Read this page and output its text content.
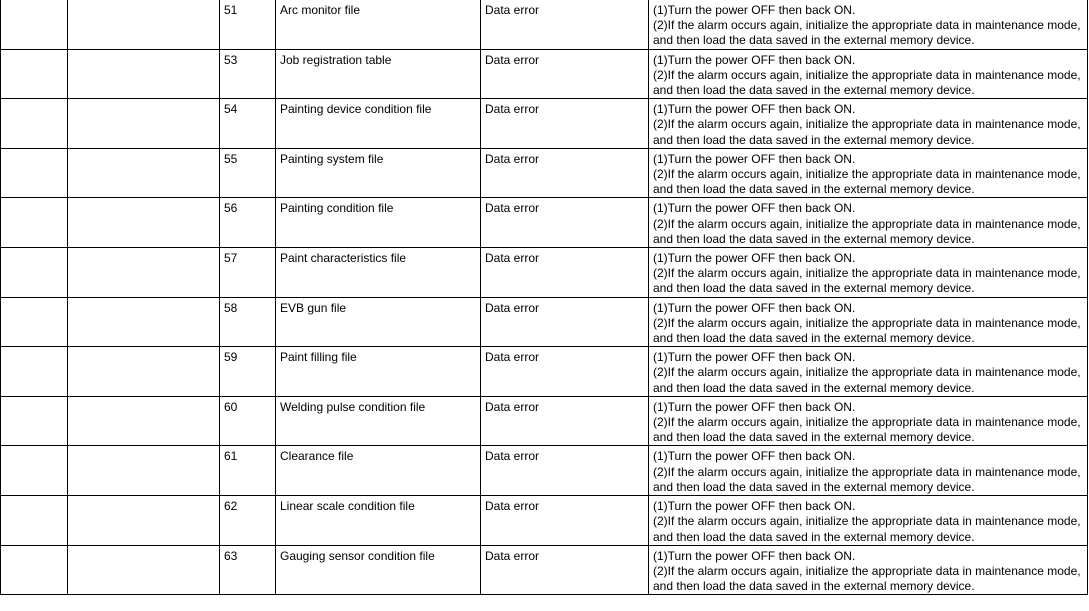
		51	Arc monitor file	Data error	(1)Turn the power OFF then back ON.
(2)If the alarm occurs again, initialize the appropriate data in maintenance mode, and then load the data saved in the external memory device.

		53	Job registration table	Data error	(1)Turn the power OFF then back ON.
(2)If the alarm occurs again, initialize the appropriate data in maintenance mode, and then load the data saved in the external memory device.

		54	Painting device condition file	Data error	(1)Turn the power OFF then back ON.
(2)If the alarm occurs again, initialize the appropriate data in maintenance mode, and then load the data saved in the external memory device.

		55	Painting system file	Data error	(1)Turn the power OFF then back ON.
(2)If the alarm occurs again, initialize the appropriate data in maintenance mode, and then load the data saved in the external memory device.

		56	Painting condition file	Data error	(1)Turn the power OFF then back ON.
(2)If the alarm occurs again, initialize the appropriate data in maintenance mode, and then load the data saved in the external memory device.

		57	Paint characteristics file	Data error	(1)Turn the power OFF then back ON.
(2)If the alarm occurs again, initialize the appropriate data in maintenance mode, and then load the data saved in the external memory device.

		58	EVB gun file	Data error	(1)Turn the power OFF then back ON.
(2)If the alarm occurs again, initialize the appropriate data in maintenance mode, and then load the data saved in the external memory device.

		59	Paint filling file	Data error	(1)Turn the power OFF then back ON.
(2)If the alarm occurs again, initialize the appropriate data in maintenance mode, and then load the data saved in the external memory device.

		60	Welding pulse condition file	Data error	(1)Turn the power OFF then back ON.
(2)If the alarm occurs again, initialize the appropriate data in maintenance mode, and then load the data saved in the external memory device.

		61	Clearance file	Data error	(1)Turn the power OFF then back ON.
(2)If the alarm occurs again, initialize the appropriate data in maintenance mode, and then load the data saved in the external memory device.

		62	Linear scale condition file	Data error	(1)Turn the power OFF then back ON.
(2)If the alarm occurs again, initialize the appropriate data in maintenance mode, and then load the data saved in the external memory device.

		63	Gauging sensor condition file	Data error	(1)Turn the power OFF then back ON.
(2)If the alarm occurs again, initialize the appropriate data in maintenance mode, and then load the data saved in the external memory device.
